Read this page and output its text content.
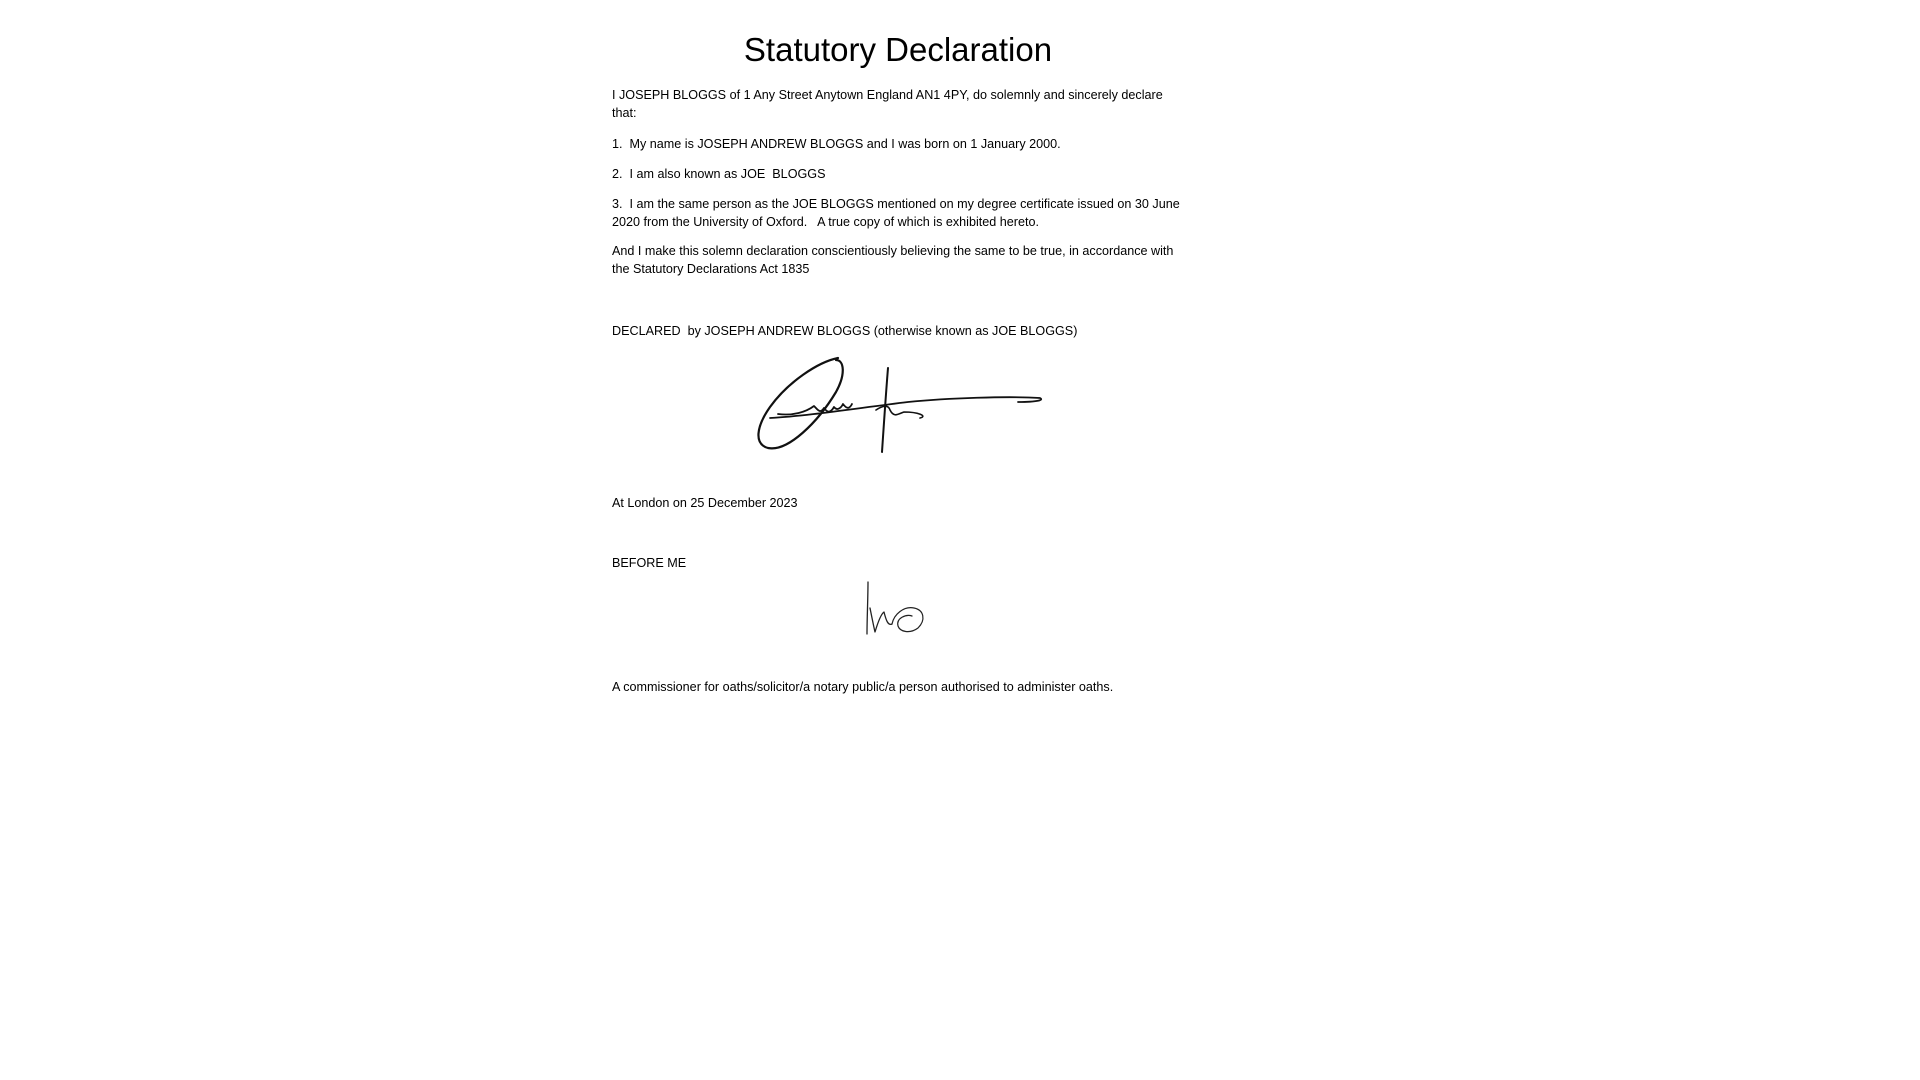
Statutory Declaration

I JOSEPH BLOGGS of 1 Any Street Anytown England AN1 4PY, do solemnly and sincerely declare that:

1.  My name is JOSEPH ANDREW BLOGGS and I was born on 1 January 2000.

2.  I am also known as JOE  BLOGGS

3.  I am the same person as the JOE BLOGGS mentioned on my degree certificate issued on 30 June 2020 from the University of Oxford.   A true copy of which is exhibited hereto.

And I make this solemn declaration conscientiously believing the same to be true, in accordance with the Statutory Declarations Act 1835

DECLARED  by JOSEPH ANDREW BLOGGS (otherwise known as JOE BLOGGS)

At London on 25 December 2023

BEFORE ME

A commissioner for oaths/solicitor/a notary public/a person authorised to administer oaths.
